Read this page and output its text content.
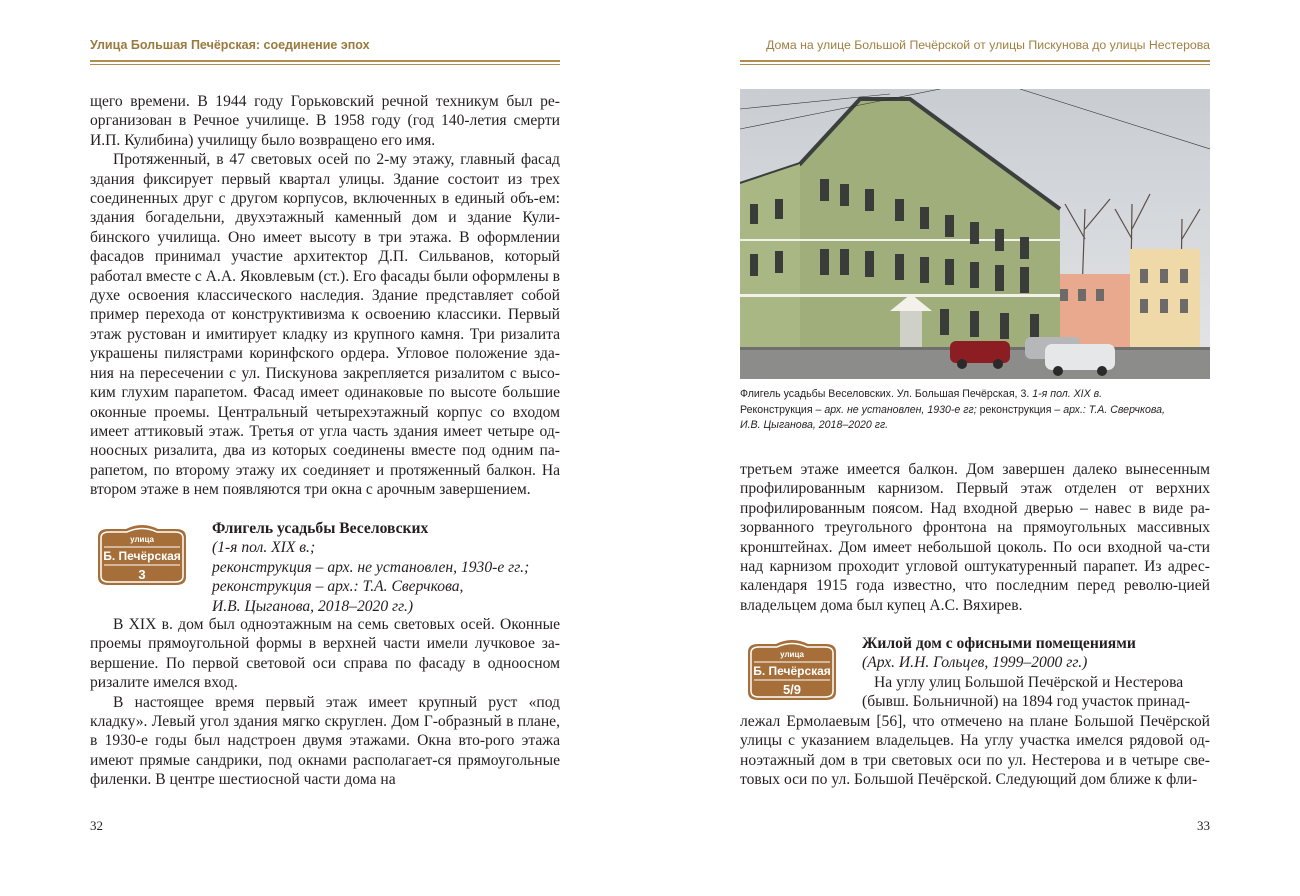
Улица Большая Печёрская: соединение эпох

щего времени. В 1944 году Горьковский речной техникум был ре-организован в Речное училище. В 1958 году (год 140-летия смерти И.П. Кулибина) училищу было возвращено его имя.

Протяженный, в 47 световых осей по 2-му этажу, главный фасад здания фиксирует первый квартал улицы. Здание состоит из трех соединенных друг с другом корпусов, включенных в единый объ-ем: здания богадельни, двухэтажный каменный дом и здание Кули-бинского училища. Оно имеет высоту в три этажа. В оформлении фасадов принимал участие архитектор Д.П. Сильванов, который работал вместе с А.А. Яковлевым (ст.). Его фасады были оформлены в духе освоения классического наследия. Здание представляет собой пример перехода от конструктивизма к освоению классики. Первый этаж рустован и имитирует кладку из крупного камня. Три ризалита украшены пилястрами коринфского ордера. Угловое положение зда-ния на пересечении с ул. Пискунова закрепляется ризалитом с высо-ким глухим парапетом. Фасад имеет одинаковые по высоте большие оконные проемы. Центральный четырехэтажный корпус со входом имеет аттиковый этаж. Третья от угла часть здания имеет четыре од-ноосных ризалита, два из которых соединены вместе под одним па-рапетом, по второму этажу их соединяет и протяженный балкон. На втором этаже в нем появляются три окна с арочным завершением.

улица
Б. Печёрская
3
Флигель усадьбы Веселовских
(1-я пол. XIX в.;
реконструкция – арх. не установлен, 1930-е гг.;
реконструкция – арх.: Т.А. Сверчкова,
И.В. Цыганова, 2018–2020 гг.)

В XIX в. дом был одноэтажным на семь световых осей. Оконные проемы прямоугольной формы в верхней части имели лучковое за-вершение. По первой световой оси справа по фасаду в одноосном ризалите имелся вход.

В настоящее время первый этаж имеет крупный руст «под кладку». Левый угол здания мягко скруглен. Дом Г-образный в плане, в 1930-е годы был надстроен двумя этажами. Окна вто-рого этажа имеют прямые сандрики, под окнами располагает-ся прямоугольные филенки. В центре шестиосной части дома на

32
Дома на улице Большой Печёрской от улицы Пискунова до улицы Нестерова
Флигель усадьбы Веселовских. Ул. Большая Печёрская, 3. 1-я пол. XIX в.
Реконструкция – арх. не установлен, 1930-е гг; реконструкция – арх.: Т.А. Сверчкова,
И.В. Цыганова, 2018–2020 гг.

третьем этаже имеется балкон. Дом завершен далеко вынесенным профилированным карнизом. Первый этаж отделен от верхних профилированным поясом. Над входной дверью – навес в виде ра-зорванного треугольного фронтона на прямоугольных массивных кронштейнах. Дом имеет небольшой цоколь. По оси входной ча-сти над карнизом проходит угловой оштукатуренный парапет. Из адрес-календаря 1915 года известно, что последним перед револю-цией владельцем дома был купец А.С. Вяхирев.

улица
Б. Печёрская
5/9
Жилой дом с офисными помещениями
(Арх. И.Н. Гольцев, 1999–2000 гг.)
На углу улиц Большой Печёрской и Нестерова
(бывш. Больничной) на 1894 год участок принад-

лежал Ермолаевым [56], что отмечено на плане Большой Печёрской улицы с указанием владельцев. На углу участка имелся рядовой од-ноэтажный дом в три световых оси по ул. Нестерова и в четыре све-товых оси по ул. Большой Печёрской. Следующий дом ближе к фли-

33
